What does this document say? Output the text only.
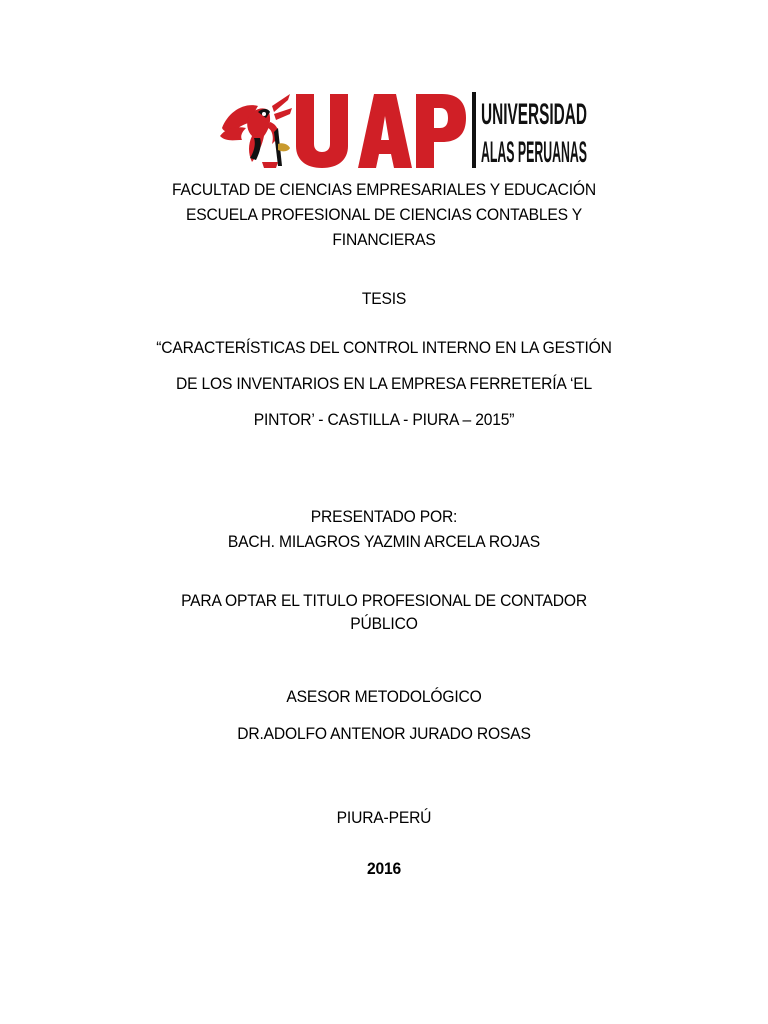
UNIVERSIDAD
ALAS PERUANAS
UAP
FACULTAD DE CIENCIAS EMPRESARIALES Y EDUCACIÓN
ESCUELA PROFESIONAL DE CIENCIAS CONTABLES Y
FINANCIERAS
TESIS
“CARACTERÍSTICAS DEL CONTROL INTERNO EN LA GESTIÓN
DE LOS INVENTARIOS EN LA EMPRESA FERRETERÍA ‘EL
PINTOR’ - CASTILLA - PIURA – 2015”
PRESENTADO POR:
BACH. MILAGROS YAZMIN ARCELA ROJAS
PARA OPTAR EL TITULO PROFESIONAL DE CONTADOR
PÚBLICO
ASESOR METODOLÓGICO
DR.ADOLFO ANTENOR JURADO ROSAS
PIURA-PERÚ
2016
